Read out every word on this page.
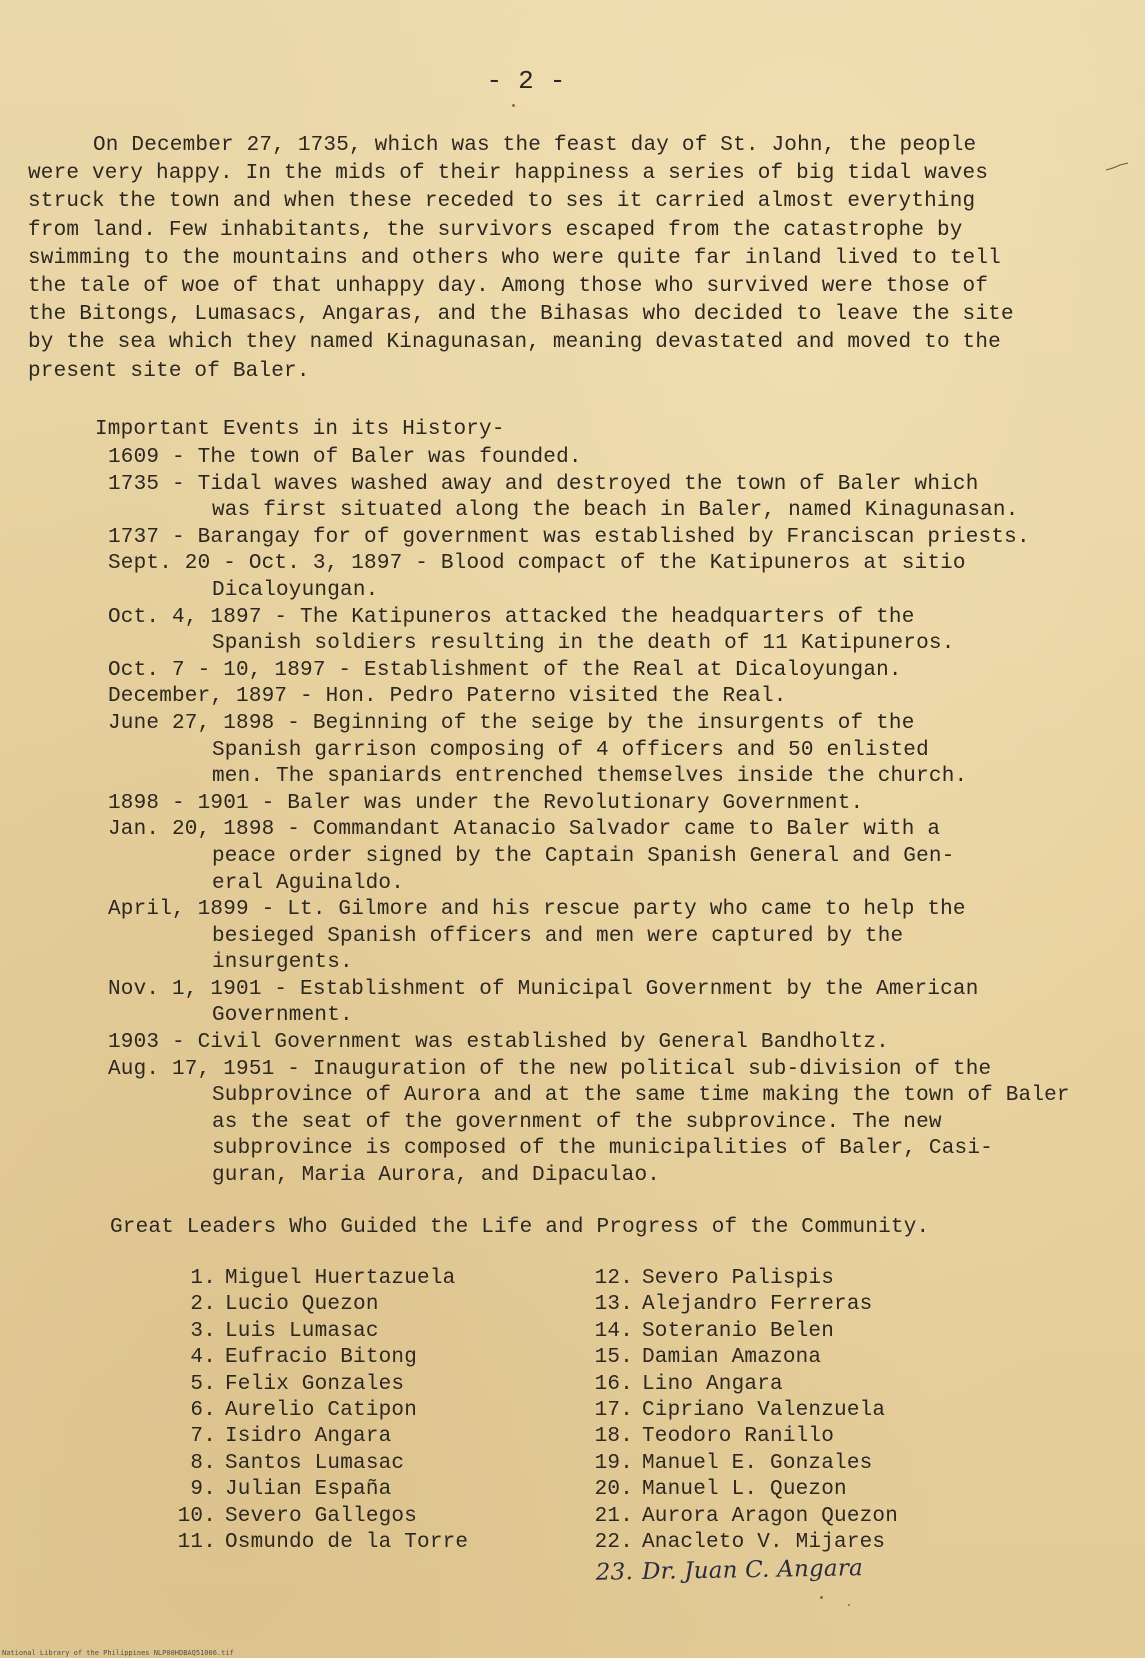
- 2 -
On December 27, 1735, which was the feast day of St. John, the people
were very happy. In the mids of their happiness a series of big tidal waves
struck the town and when these receded to ses it carried almost everything
from land. Few inhabitants, the survivors escaped from the catastrophe by
swimming to the mountains and others who were quite far inland lived to tell
the tale of woe of that unhappy day. Among those who survived were those of
the Bitongs, Lumasacs, Angaras, and the Bihasas who decided to leave the site
by the sea which they named Kinagunasan, meaning devastated and moved to the
present site of Baler.
Important Events in its History-
1609 - The town of Baler was founded.
1735 - Tidal waves washed away and destroyed the town of Baler which
was first situated along the beach in Baler, named Kinagunasan.
1737 - Barangay for of government was established by Franciscan priests.
Sept. 20 - Oct. 3, 1897 - Blood compact of the Katipuneros at sitio
Dicaloyungan.
Oct. 4, 1897 - The Katipuneros attacked the headquarters of the
Spanish soldiers resulting in the death of 11 Katipuneros.
Oct. 7 - 10, 1897 - Establishment of the Real at Dicaloyungan.
December, 1897 - Hon. Pedro Paterno visited the Real.
June 27, 1898 - Beginning of the seige by the insurgents of the
Spanish garrison composing of 4 officers and 50 enlisted
men. The spaniards entrenched themselves inside the church.
1898 - 1901 - Baler was under the Revolutionary Government.
Jan. 20, 1898 - Commandant Atanacio Salvador came to Baler with a
peace order signed by the Captain Spanish General and Gen-
eral Aguinaldo.
April, 1899 - Lt. Gilmore and his rescue party who came to help the
besieged Spanish officers and men were captured by the
insurgents.
Nov. 1, 1901 - Establishment of Municipal Government by the American
Government.
1903 - Civil Government was established by General Bandholtz.
Aug. 17, 1951 - Inauguration of the new political sub-division of the
Subprovince of Aurora and at the same time making the town of Baler
as the seat of the government of the subprovince. The new
subprovince is composed of the municipalities of Baler, Casi-
guran, Maria Aurora, and Dipaculao.
Great Leaders Who Guided the Life and Progress of the Community.
1. Miguel Huertazuela
2. Lucio Quezon
3. Luis Lumasac
4. Eufracio Bitong
5. Felix Gonzales
6. Aurelio Catipon
7. Isidro Angara
8. Santos Lumasac
9. Julian España
10. Severo Gallegos
11. Osmundo de la Torre
12. Severo Palispis
13. Alejandro Ferreras
14. Soteranio Belen
15. Damian Amazona
16. Lino Angara
17. Cipriano Valenzuela
18. Teodoro Ranillo
19. Manuel E. Gonzales
20. Manuel L. Quezon
21. Aurora Aragon Quezon
22. Anacleto V. Mijares
23. Dr. Juan C. Angara
National Library of the Philippines NLP00HDBAQ51006.tif
